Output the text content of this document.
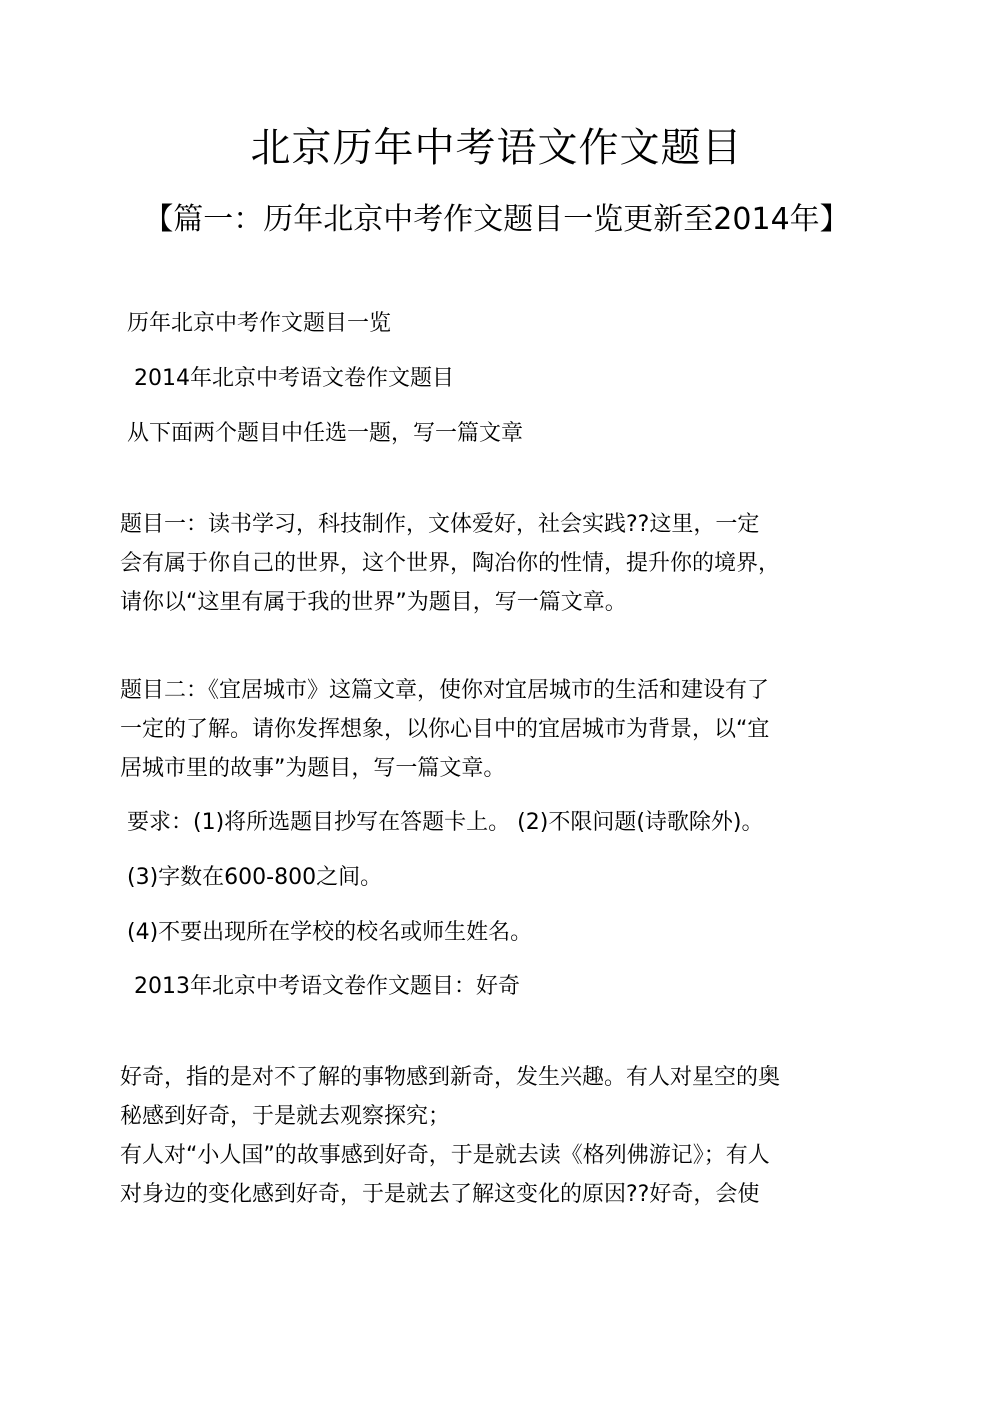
北京历年中考语文作文题目
【篇一：历年北京中考作文题目一览更新至2014年】

历年北京中考作文题目一览

2014年北京中考语文卷作文题目

从下面两个题目中任选一题，写一篇文章

题目一：读书学习，科技制作，文体爱好，社会实践??这里，一定
会有属于你自己的世界，这个世界，陶冶你的性情，提升你的境界，
请你以“这里有属于我的世界”为题目，写一篇文章。
题目二：《宜居城市》这篇文章，使你对宜居城市的生活和建设有了
一定的了解。请你发挥想象，以你心目中的宜居城市为背景，以“宜
居城市里的故事”为题目，写一篇文章。

要求：(1)将所选题目抄写在答题卡上。 (2)不限问题(诗歌除外)。

(3)字数在600-800之间。

(4)不要出现所在学校的校名或师生姓名。

2013年北京中考语文卷作文题目：好奇

好奇，指的是对不了解的事物感到新奇，发生兴趣。有人对星空的奥
秘感到好奇，于是就去观察探究；
有人对“小人国”的故事感到好奇，于是就去读《格列佛游记》；有人
对身边的变化感到好奇，于是就去了解这变化的原因??好奇，会使
